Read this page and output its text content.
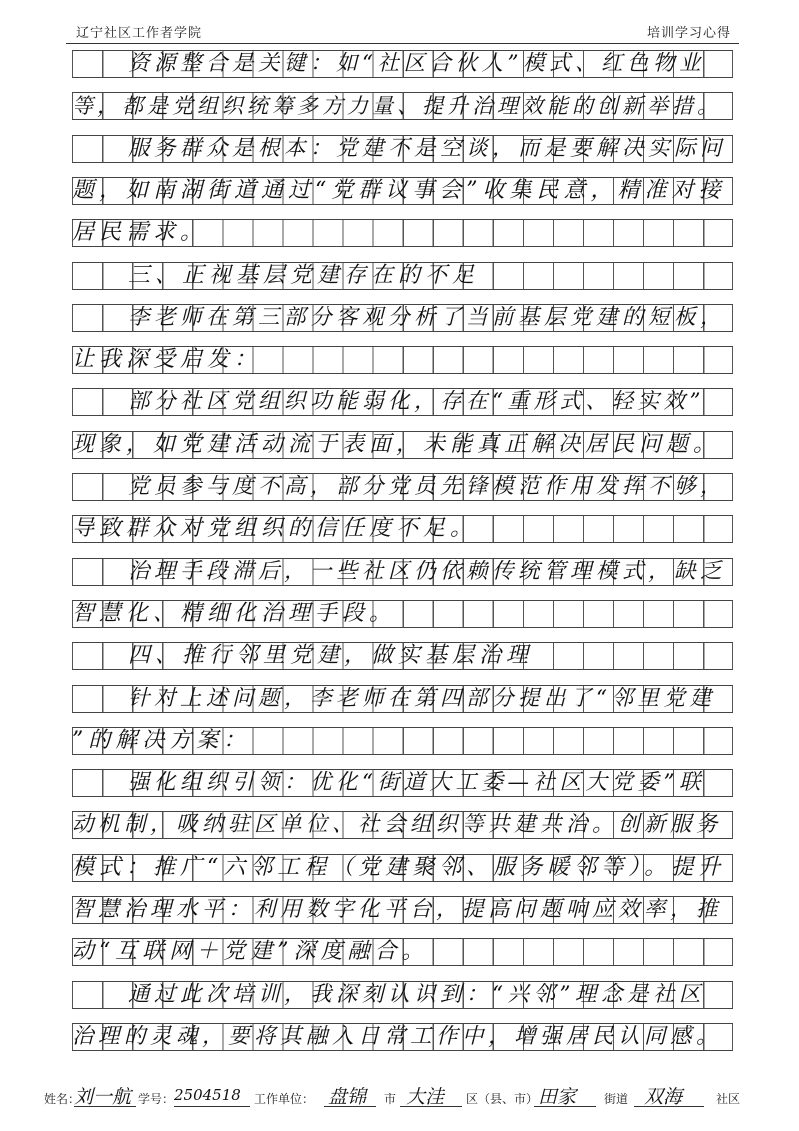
辽宁社区工作者学院	培训学习心得
资源整合是关键：如“社区合伙人”模式、红色物业
等，都是党组织统筹多方力量、提升治理效能的创新举措。
服务群众是根本：党建不是空谈，而是要解决实际问
题，如南湖街道通过“党群议事会”收集民意，精准对接
居民需求。
三、正视基层党建存在的不足
李老师在第三部分客观分析了当前基层党建的短板，
让我深受启发：
部分社区党组织功能弱化，存在“重形式、轻实效”
现象，如党建活动流于表面，未能真正解决居民问题。
党员参与度不高，部分党员先锋模范作用发挥不够，
导致群众对党组织的信任度不足。
治理手段滞后，一些社区仍依赖传统管理模式，缺乏
智慧化、精细化治理手段。
四、推行邻里党建，做实基层治理
针对上述问题，李老师在第四部分提出了“邻里党建
”的解决方案：
强化组织引领：优化“街道大工委—社区大党委”联
动机制，吸纳驻区单位、社会组织等共建共治。创新服务
模式：推广“六邻工程（党建聚邻、服务暖邻等）。提升
智慧治理水平：利用数字化平台，提高问题响应效率，推
动“互联网＋党建”深度融合。
通过此次培训，我深刻认识到：“兴邻”理念是社区
治理的灵魂，要将其融入日常工作中，增强居民认同感。
姓名：
刘一航 学号： 2504518 工作单位： 盘锦 市 大洼 区（县、市） 田家 街道 双海	社区
